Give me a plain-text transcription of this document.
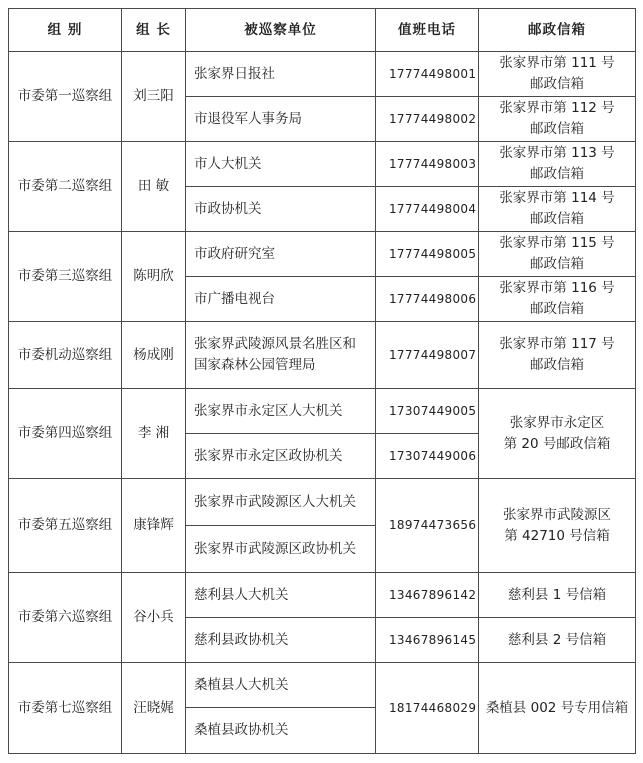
组 别	组 长	被巡察单位	值班电话	邮政信箱
市委第一巡察组	刘三阳	张家界日报社	17774498001	张家界市第 111 号
邮政信箱

		市退役军人事务局	17774498002	张家界市第 112 号
邮政信箱

市委第二巡察组	田 敏	市人大机关	17774498003	张家界市第 113 号
邮政信箱

		市政协机关	17774498004	张家界市第 114 号
邮政信箱

市委第三巡察组	陈明欣	市政府研究室	17774498005	张家界市第 115 号
邮政信箱

		市广播电视台	17774498006	张家界市第 116 号
邮政信箱

市委机动巡察组	杨成刚	张家界武陵源风景名胜区和
国家森林公园管理局	17774498007	张家界市第 117 号
邮政信箱

市委第四巡察组	李 湘	张家界市永定区人大机关	17307449005	张家界市永定区
第 20 号邮政信箱

		张家界市永定区政协机关	17307449006	
市委第五巡察组	康锋辉	张家界市武陵源区人大机关	18974473656	张家界市武陵源区
第 42710 号信箱

		张家界市武陵源区政协机关		

市委第六巡察组	谷小兵	慈利县人大机关	13467896142	慈利县 1 号信箱

		慈利县政协机关	13467896145	慈利县 2 号信箱

市委第七巡察组	汪晓娓	桑植县人大机关	18174468029	桑植县 002 号专用信箱

		桑植县政协机关		
